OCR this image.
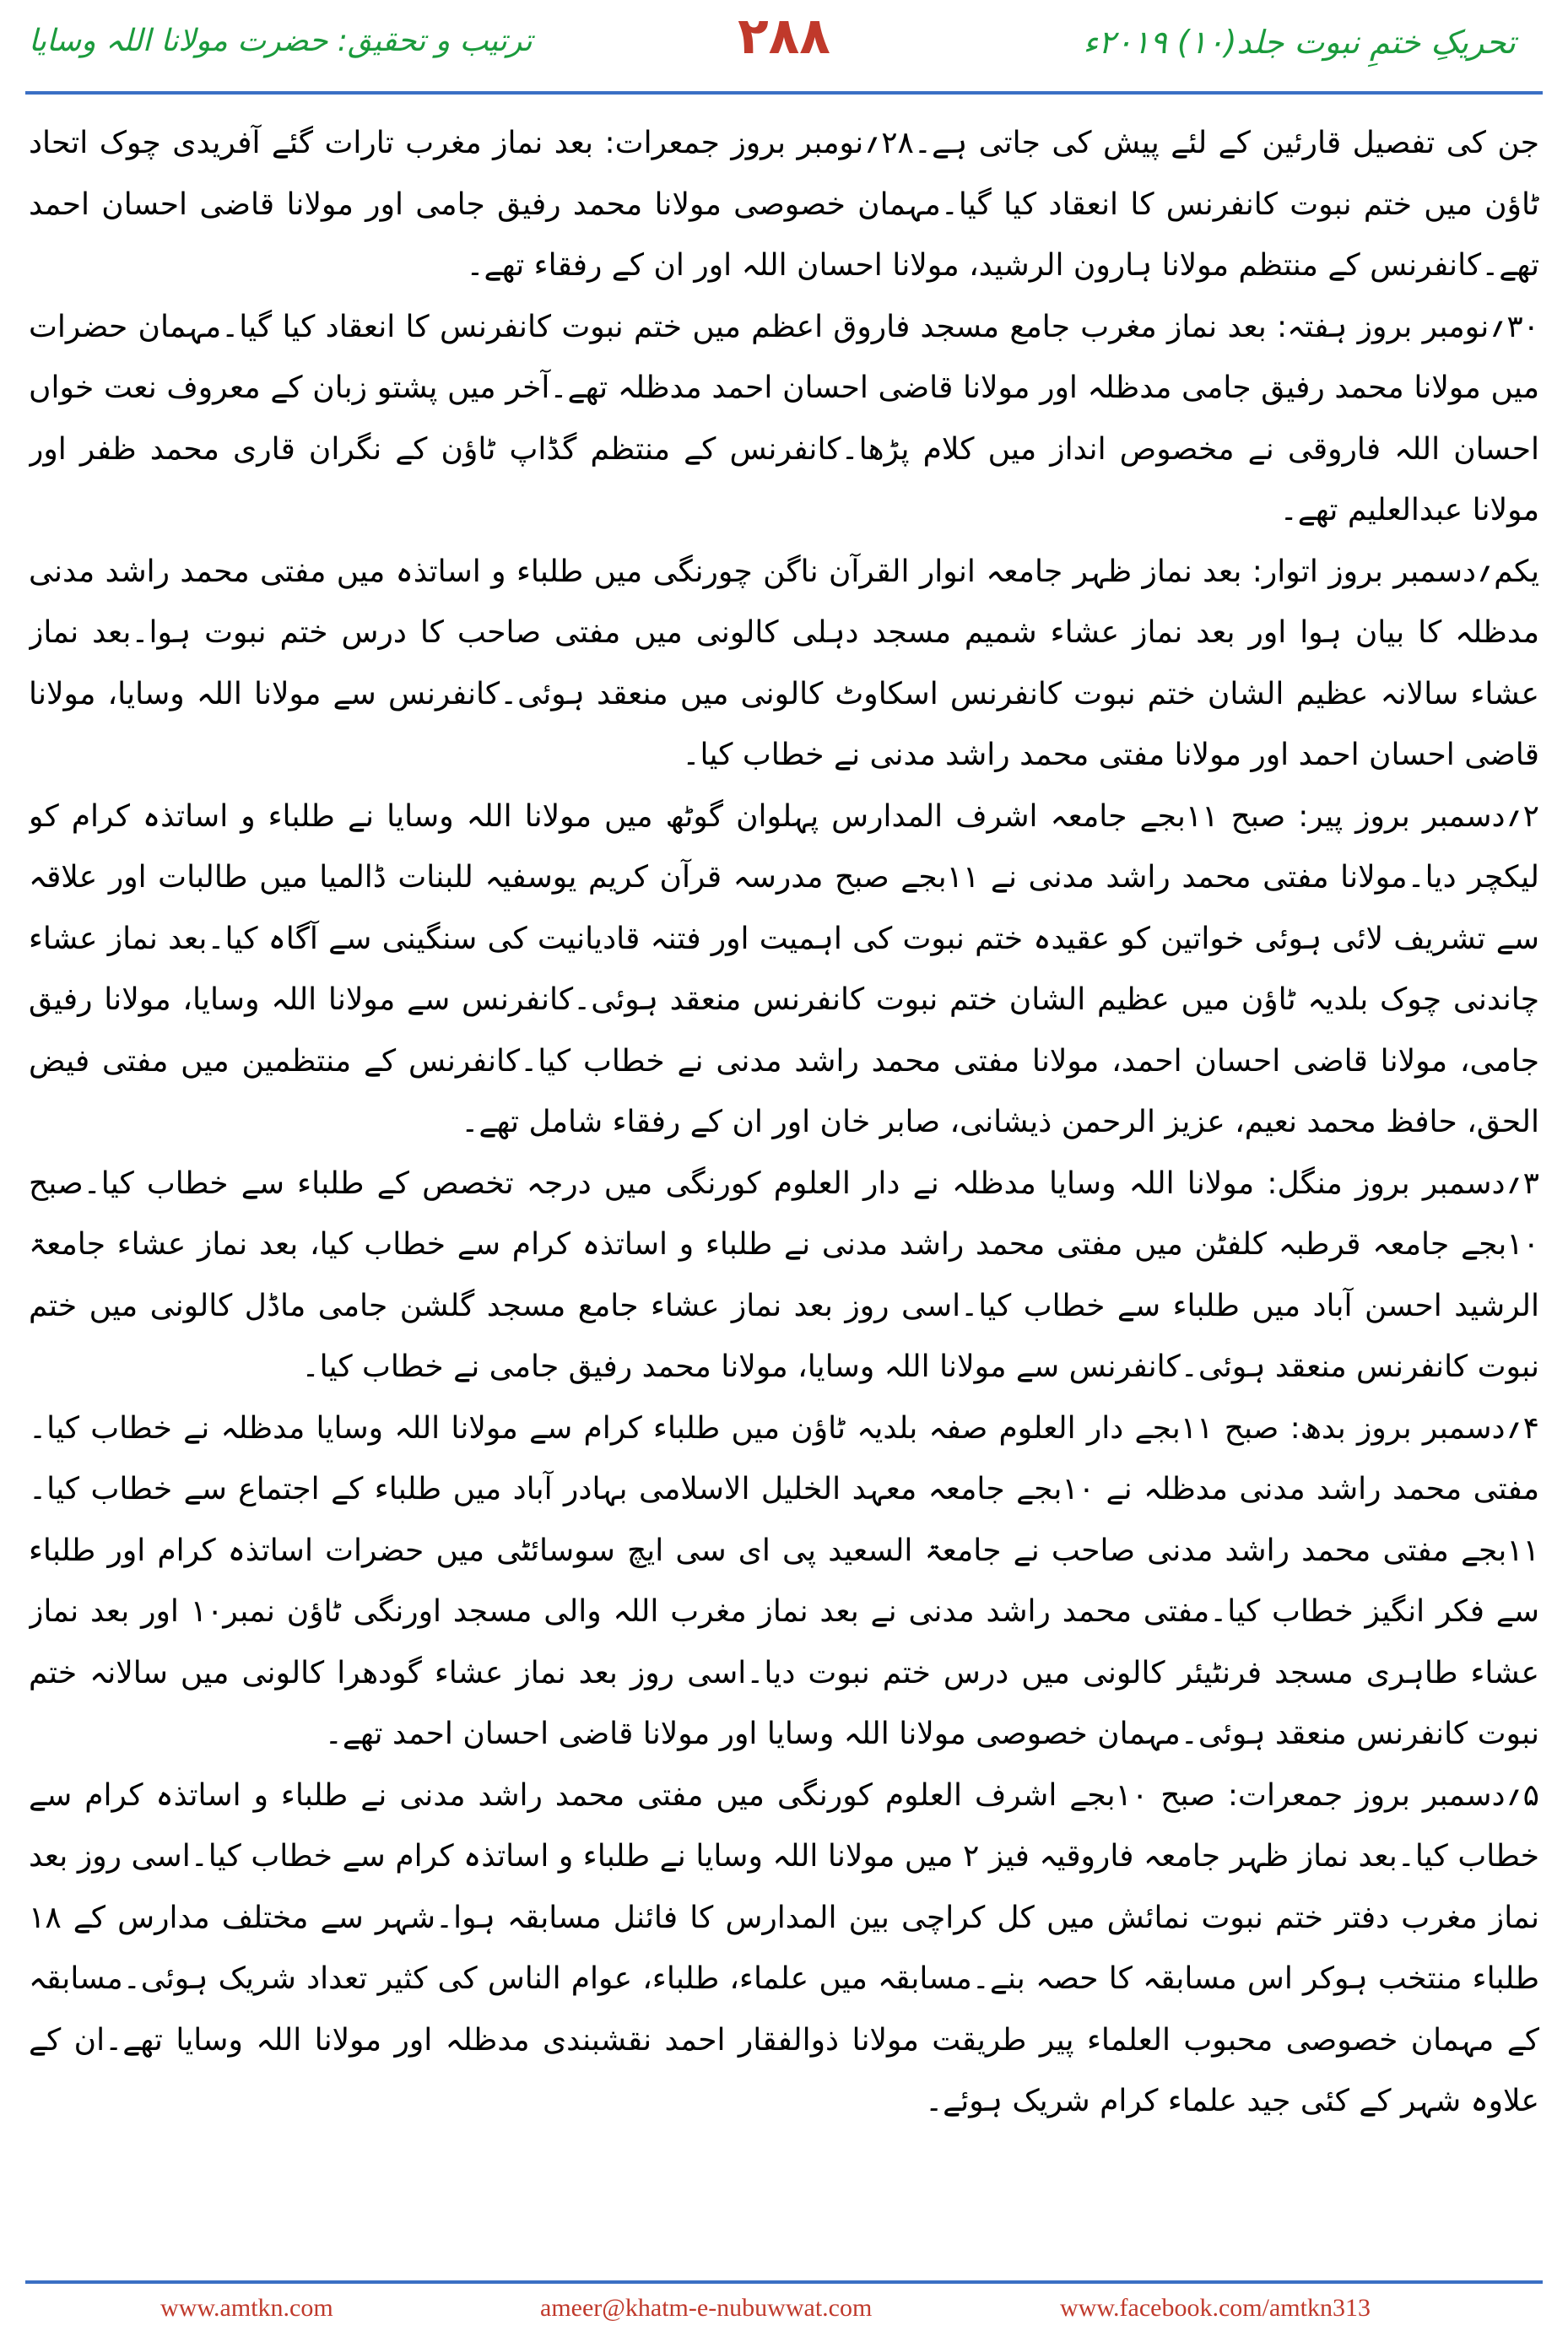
تحریکِ ختمِ نبوت جلد(۱۰) ۲۰۱۹ء
۲۸۸
ترتیب و تحقیق: حضرت مولانا اللہ وسایا

جن کی تفصیل قارئین کے لئے پیش کی جاتی ہے۔۲۸؍نومبر بروز جمعرات: بعد نماز مغرب تارات گئے آفریدی چوک اتحاد ٹاؤن میں ختم نبوت کانفرنس کا انعقاد کیا گیا۔مہمان خصوصی مولانا محمد رفیق جامی اور مولانا قاضی احسان احمد تھے۔کانفرنس کے منتظم مولانا ہارون الرشید، مولانا احسان اللہ اور ان کے رفقاء تھے۔

۳۰؍نومبر بروز ہفتہ: بعد نماز مغرب جامع مسجد فاروق اعظم میں ختم نبوت کانفرنس کا انعقاد کیا گیا۔مہمان حضرات میں مولانا محمد رفیق جامی مدظلہ اور مولانا قاضی احسان احمد مدظلہ تھے۔آخر میں پشتو زبان کے معروف نعت خواں احسان اللہ فاروقی نے مخصوص انداز میں کلام پڑھا۔کانفرنس کے منتظم گڈاپ ٹاؤن کے نگران قاری محمد ظفر اور مولانا عبدالعلیم تھے۔

یکم؍دسمبر بروز اتوار: بعد نماز ظہر جامعہ انوار القرآن ناگن چورنگی میں طلباء و اساتذہ میں مفتی محمد راشد مدنی مدظلہ کا بیان ہوا اور بعد نماز عشاء شمیم مسجد دہلی کالونی میں مفتی صاحب کا درس ختم نبوت ہوا۔بعد نماز عشاء سالانہ عظیم الشان ختم نبوت کانفرنس اسکاوٹ کالونی میں منعقد ہوئی۔کانفرنس سے مولانا اللہ وسایا، مولانا قاضی احسان احمد اور مولانا مفتی محمد راشد مدنی نے خطاب کیا۔

۲؍دسمبر بروز پیر: صبح ۱۱بجے جامعہ اشرف المدارس پہلوان گوٹھ میں مولانا اللہ وسایا نے طلباء و اساتذہ کرام کو لیکچر دیا۔مولانا مفتی محمد راشد مدنی نے ۱۱بجے صبح مدرسہ قرآن کریم یوسفیہ للبنات ڈالمیا میں طالبات اور علاقہ سے تشریف لائی ہوئی خواتین کو عقیدہ ختم نبوت کی اہمیت اور فتنہ قادیانیت کی سنگینی سے آگاہ کیا۔بعد نماز عشاء چاندنی چوک بلدیہ ٹاؤن میں عظیم الشان ختم نبوت کانفرنس منعقد ہوئی۔کانفرنس سے مولانا اللہ وسایا، مولانا رفیق جامی، مولانا قاضی احسان احمد، مولانا مفتی محمد راشد مدنی نے خطاب کیا۔کانفرنس کے منتظمین میں مفتی فیض الحق، حافظ محمد نعیم، عزیز الرحمن ذیشانی، صابر خان اور ان کے رفقاء شامل تھے۔

۳؍دسمبر بروز منگل: مولانا اللہ وسایا مدظلہ نے دار العلوم کورنگی میں درجہ تخصص کے طلباء سے خطاب کیا۔صبح ۱۰بجے جامعہ قرطبہ کلفٹن میں مفتی محمد راشد مدنی نے طلباء و اساتذہ کرام سے خطاب کیا، بعد نماز عشاء جامعۃ الرشید احسن آباد میں طلباء سے خطاب کیا۔اسی روز بعد نماز عشاء جامع مسجد گلشن جامی ماڈل کالونی میں ختم نبوت کانفرنس منعقد ہوئی۔کانفرنس سے مولانا اللہ وسایا، مولانا محمد رفیق جامی نے خطاب کیا۔

۴؍دسمبر بروز بدھ: صبح ۱۱بجے دار العلوم صفہ بلدیہ ٹاؤن میں طلباء کرام سے مولانا اللہ وسایا مدظلہ نے خطاب کیا۔مفتی محمد راشد مدنی مدظلہ نے ۱۰بجے جامعہ معہد الخلیل الاسلامی بہادر آباد میں طلباء کے اجتماع سے خطاب کیا۔۱۱بجے مفتی محمد راشد مدنی صاحب نے جامعۃ السعید پی ای سی ایچ سوسائٹی میں حضرات اساتذہ کرام اور طلباء سے فکر انگیز خطاب کیا۔مفتی محمد راشد مدنی نے بعد نماز مغرب اللہ والی مسجد اورنگی ٹاؤن نمبر۱۰ اور بعد نماز عشاء طاہری مسجد فرنٹیئر کالونی میں درس ختم نبوت دیا۔اسی روز بعد نماز عشاء گودھرا کالونی میں سالانہ ختم نبوت کانفرنس منعقد ہوئی۔مہمان خصوصی مولانا اللہ وسایا اور مولانا قاضی احسان احمد تھے۔

۵؍دسمبر بروز جمعرات: صبح ۱۰بجے اشرف العلوم کورنگی میں مفتی محمد راشد مدنی نے طلباء و اساتذہ کرام سے خطاب کیا۔بعد نماز ظہر جامعہ فاروقیہ فیز ۲ میں مولانا اللہ وسایا نے طلباء و اساتذہ کرام سے خطاب کیا۔اسی روز بعد نماز مغرب دفتر ختم نبوت نمائش میں کل کراچی بین المدارس کا فائنل مسابقہ ہوا۔شہر سے مختلف مدارس کے ۱۸ طلباء منتخب ہوکر اس مسابقہ کا حصہ بنے۔مسابقہ میں علماء، طلباء، عوام الناس کی کثیر تعداد شریک ہوئی۔مسابقہ کے مہمان خصوصی محبوب العلماء پیر طریقت مولانا ذوالفقار احمد نقشبندی مدظلہ اور مولانا اللہ وسایا تھے۔ان کے علاوہ شہر کے کئی جید علماء کرام شریک ہوئے۔

www.amtkn.com	ameer@khatm-e-nubuwwat.com	www.facebook.com/amtkn313
